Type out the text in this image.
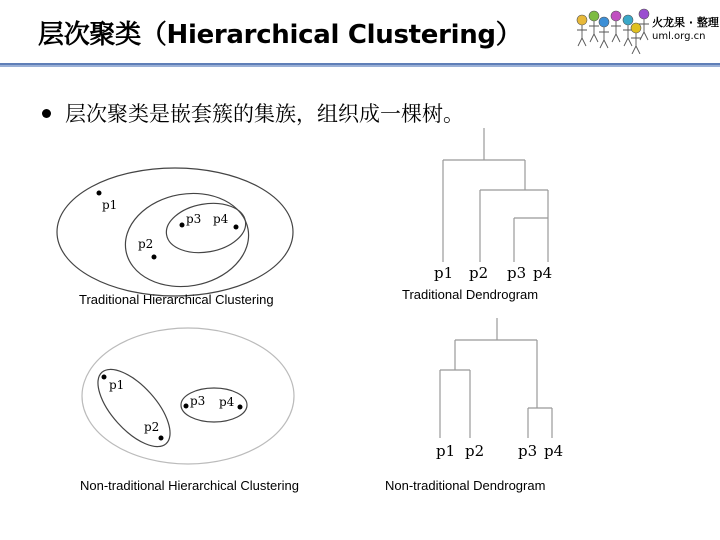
层次聚类（Hierarchical Clustering）	火龙果 · 整理
uml.org.cn
层次聚类是嵌套簇的集族，组织成一棵树。
p1
p2
p3 p4
p1 p2 p3 p4
Traditional Hierarchical Clustering	Traditional Dendrogram
p1
p2
p3 p4
p1 p2 p3 p4
Non-traditional Hierarchical Clustering	Non-traditional Dendrogram
